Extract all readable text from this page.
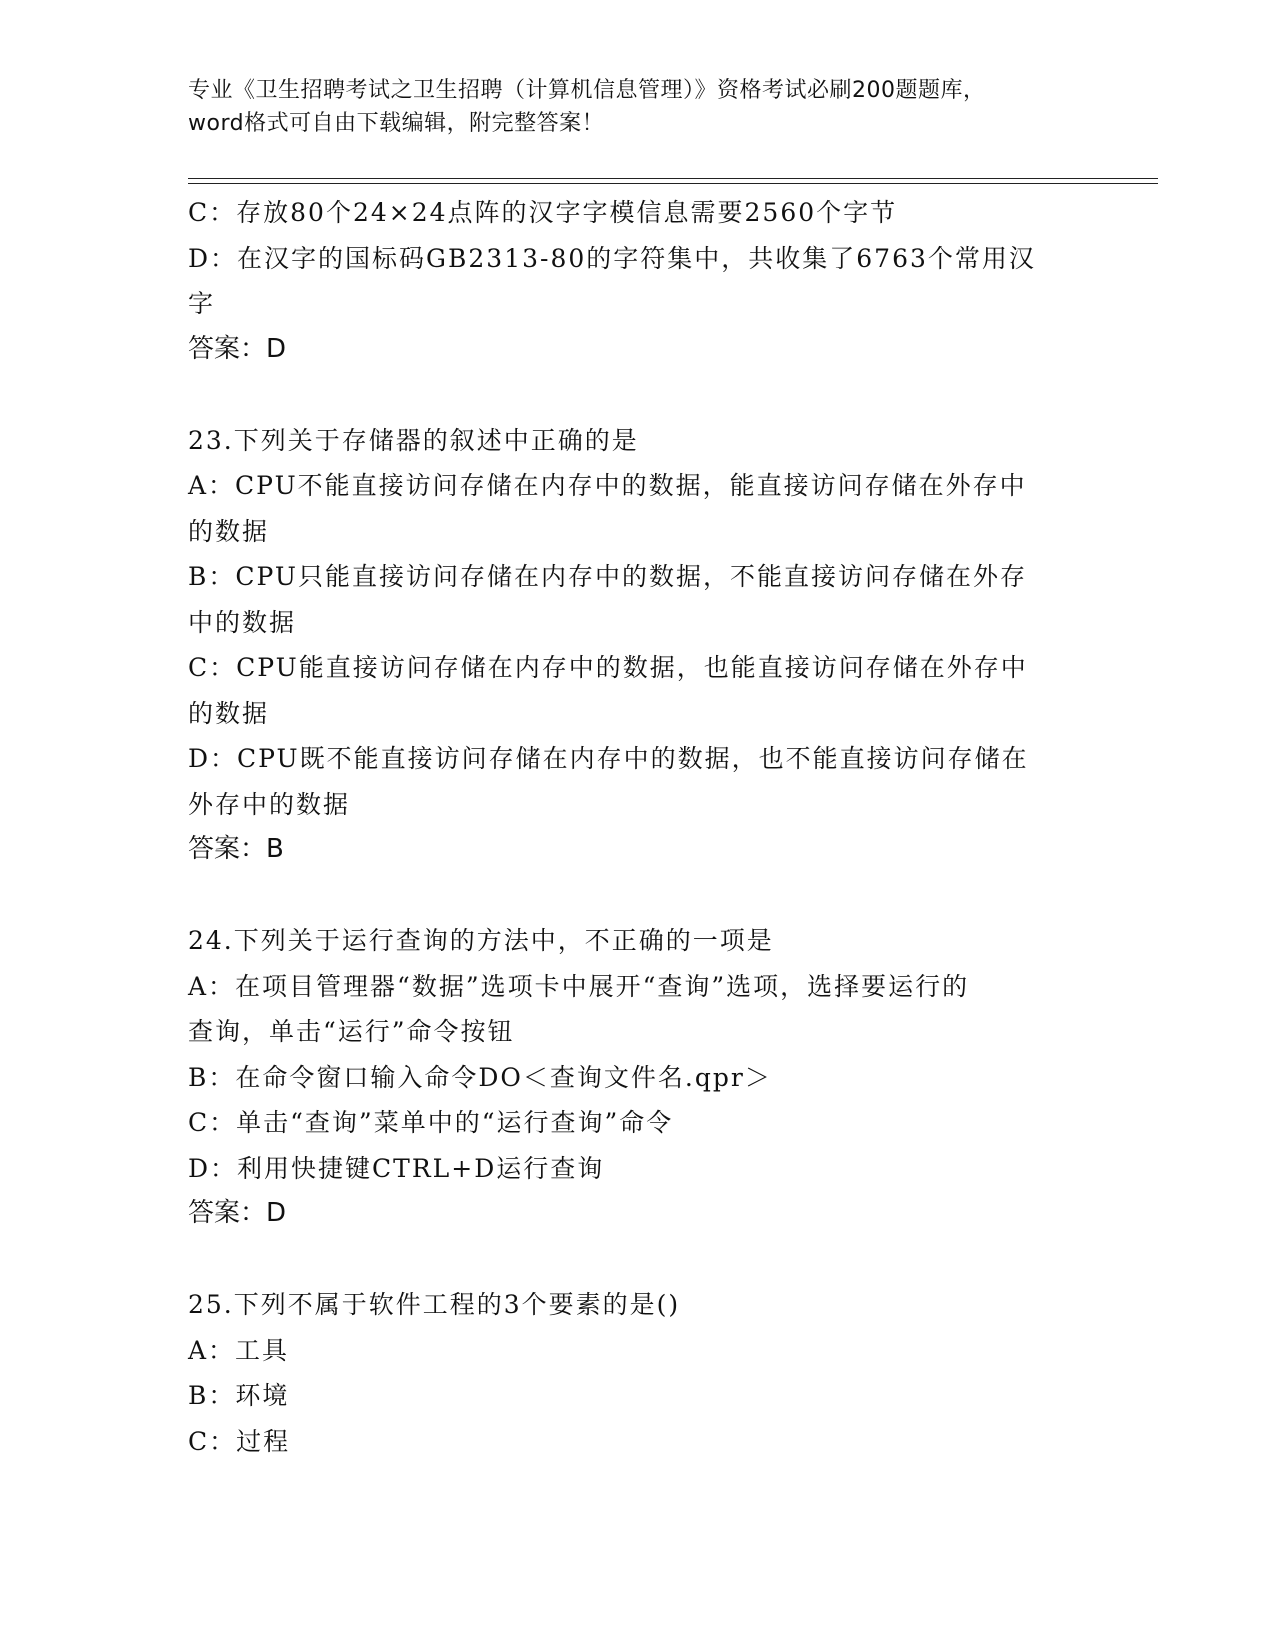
专业《卫生招聘考试之卫生招聘（计算机信息管理）》资格考试必刷200题题库，
word格式可自由下载编辑，附完整答案！
C：存放80个24×24点阵的汉字字模信息需要2560个字节
D：在汉字的国标码GB2313-80的字符集中，共收集了6763个常用汉
字
答案：D
23.下列关于存储器的叙述中正确的是
A：CPU不能直接访问存储在内存中的数据，能直接访问存储在外存中
的数据
B：CPU只能直接访问存储在内存中的数据，不能直接访问存储在外存
中的数据
C：CPU能直接访问存储在内存中的数据，也能直接访问存储在外存中
的数据
D：CPU既不能直接访问存储在内存中的数据，也不能直接访问存储在
外存中的数据
答案：B
24.下列关于运行查询的方法中，不正确的一项是
A：在项目管理器“数据”选项卡中展开“查询”选项，选择要运行的
查询，单击“运行”命令按钮
B：在命令窗口输入命令DO＜查询文件名.qpr＞
C：单击“查询”菜单中的“运行查询”命令
D：利用快捷键CTRL+D运行查询
答案：D
25.下列不属于软件工程的3个要素的是()
A：工具
B：环境
C：过程
